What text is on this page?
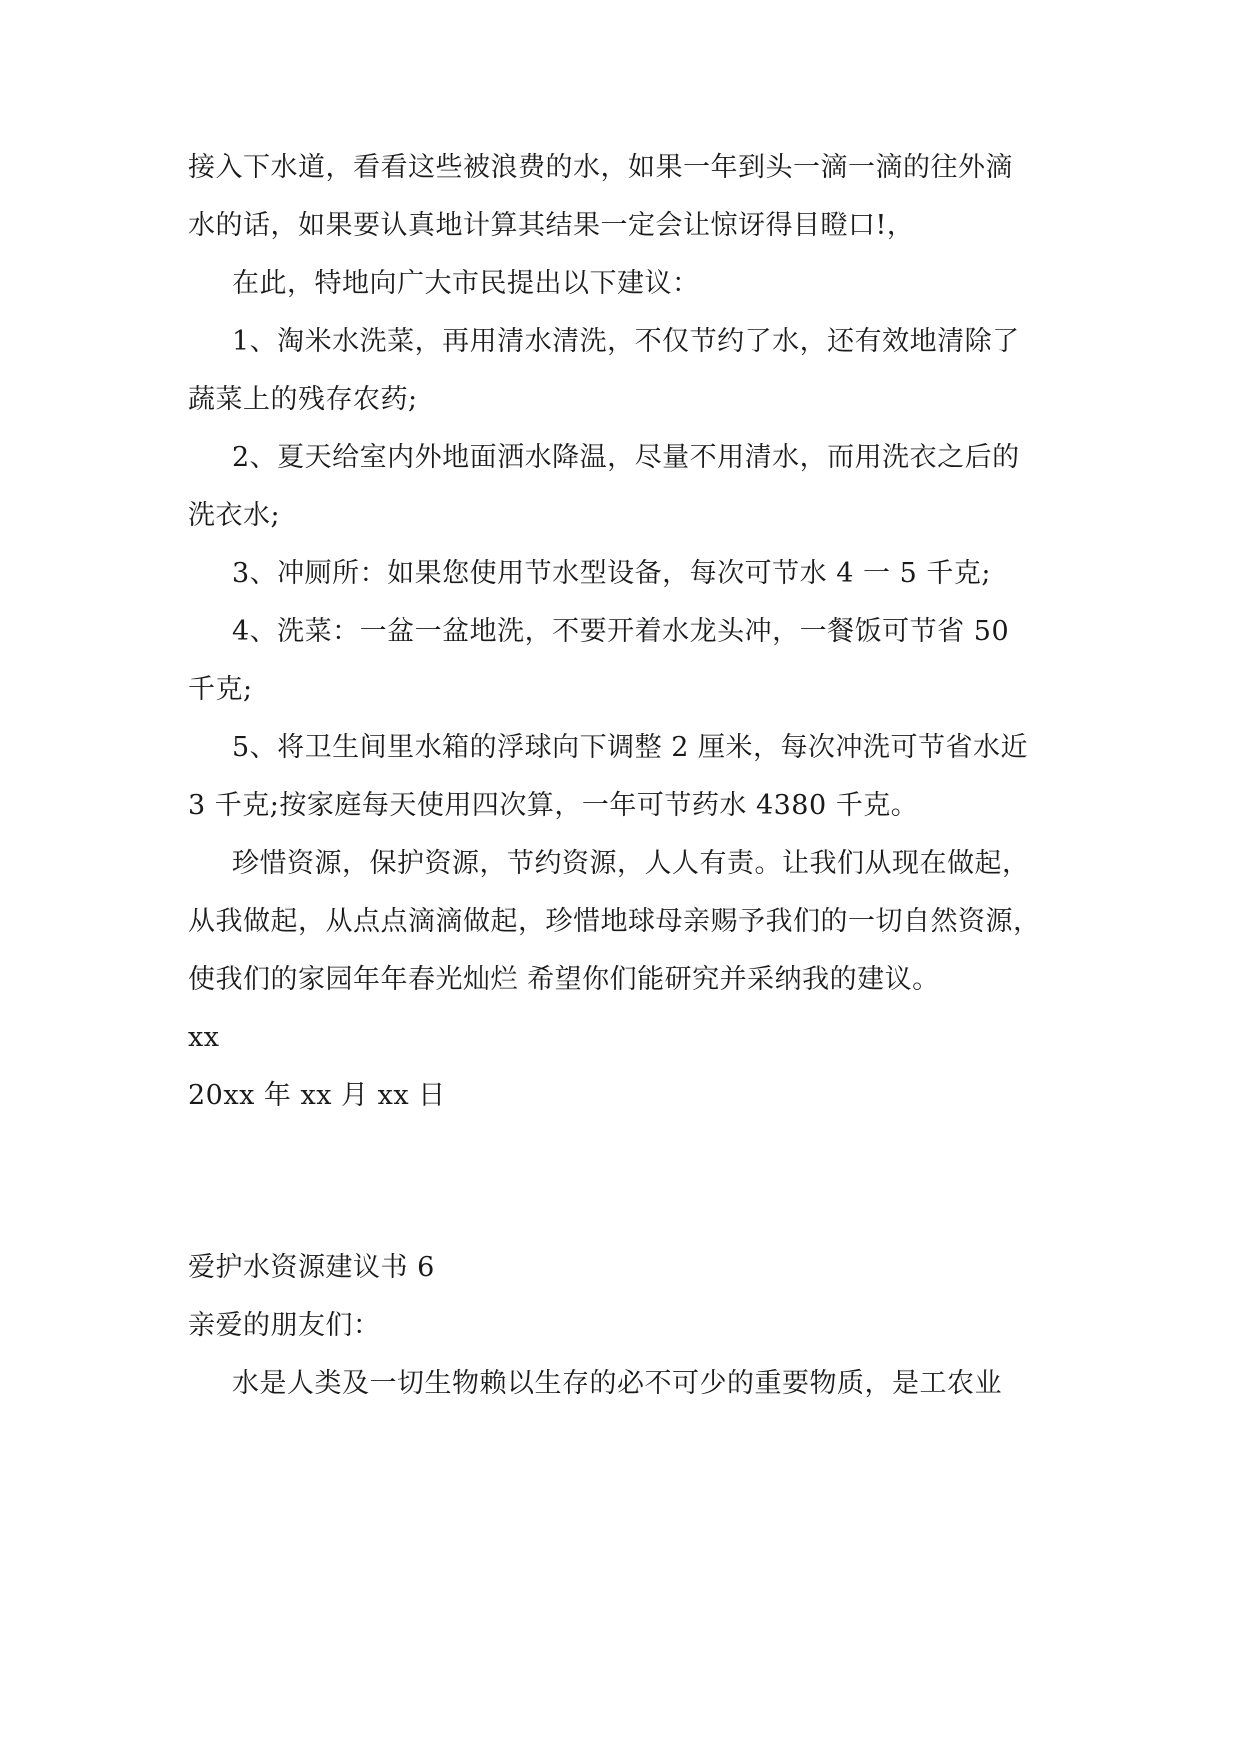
接入下水道，看看这些被浪费的水，如果一年到头一滴一滴的往外滴
水的话，如果要认真地计算其结果一定会让惊讶得目瞪口!，
在此，特地向广大市民提出以下建议：
1、淘米水洗菜，再用清水清洗，不仅节约了水，还有效地清除了
蔬菜上的残存农药;
2、夏天给室内外地面洒水降温，尽量不用清水，而用洗衣之后的
洗衣水;
3、冲厕所：如果您使用节水型设备，每次可节水 4 一 5 千克;
4、洗菜：一盆一盆地洗，不要开着水龙头冲，一餐饭可节省 50
千克;
5、将卫生间里水箱的浮球向下调整 2 厘米，每次冲洗可节省水近
3 千克;按家庭每天使用四次算，一年可节药水 4380 千克。
珍惜资源，保护资源，节约资源，人人有责。让我们从现在做起，
从我做起，从点点滴滴做起，珍惜地球母亲赐予我们的一切自然资源，
使我们的家园年年春光灿烂 希望你们能研究并采纳我的建议。
xx
20xx 年 xx 月 xx 日
爱护水资源建议书 6
亲爱的朋友们：
水是人类及一切生物赖以生存的必不可少的重要物质，是工农业
